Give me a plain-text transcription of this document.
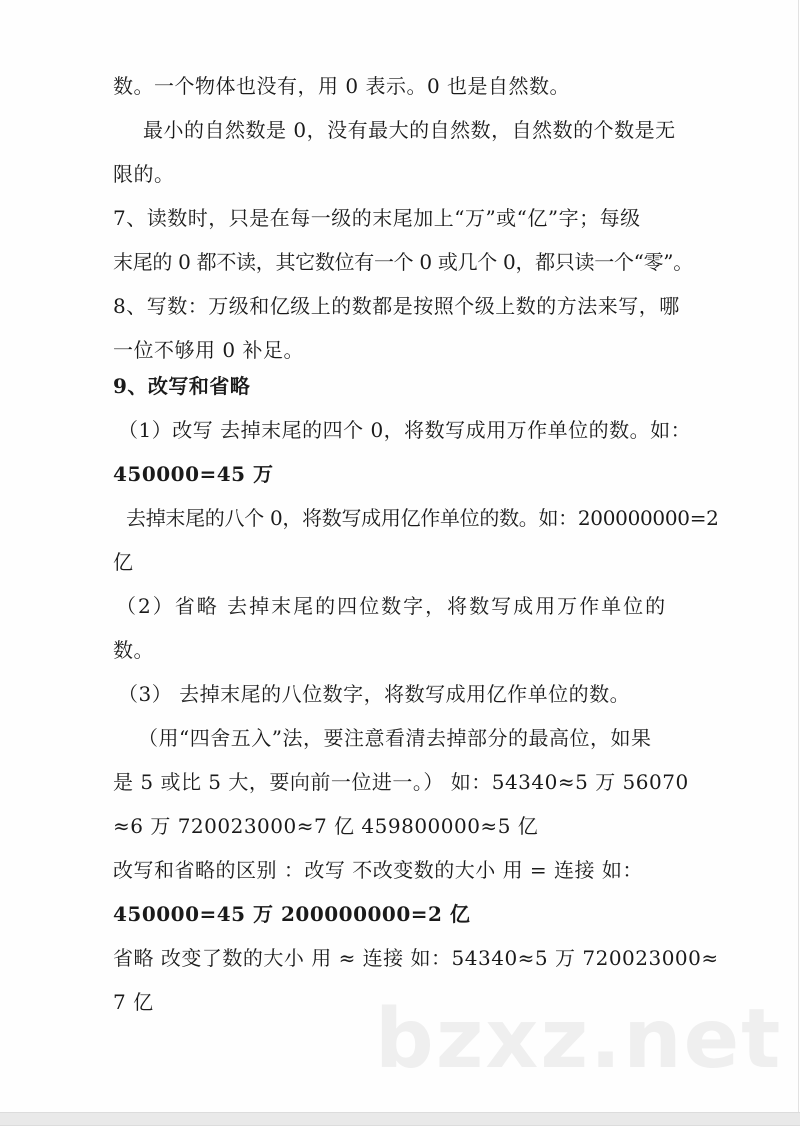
数。一个物体也没有，用 0 表示。0 也是自然数。
最小的自然数是 0，没有最大的自然数，自然数的个数是无
限的。
7、读数时，只是在每一级的末尾加上“万”或“亿”字；每级
末尾的 0 都不读，其它数位有一个 0 或几个 0，都只读一个“零”。
8、写数：万级和亿级上的数都是按照个级上数的方法来写，哪
一位不够用 0 补足。
9、改写和省略
（1）改写 去掉末尾的四个 0，将数写成用万作单位的数。如：
450000=45 万
去掉末尾的八个 0，将数写成用亿作单位的数。如：200000000=2
亿
（2）省略 去掉末尾的四位数字，将数写成用万作单位的
数。
（3） 去掉末尾的八位数字，将数写成用亿作单位的数。
（用“四舍五入”法，要注意看清去掉部分的最高位，如果
是 5 或比 5 大，要向前一位进一。） 如：54340≈5 万 56070
≈6 万 720023000≈7 亿 459800000≈5 亿
改写和省略的区别 ：改写 不改变数的大小 用 = 连接 如：
450000=45 万 200000000=2 亿
省略 改变了数的大小 用 ≈ 连接 如：54340≈5 万 720023000≈
7 亿	bzxz.net
